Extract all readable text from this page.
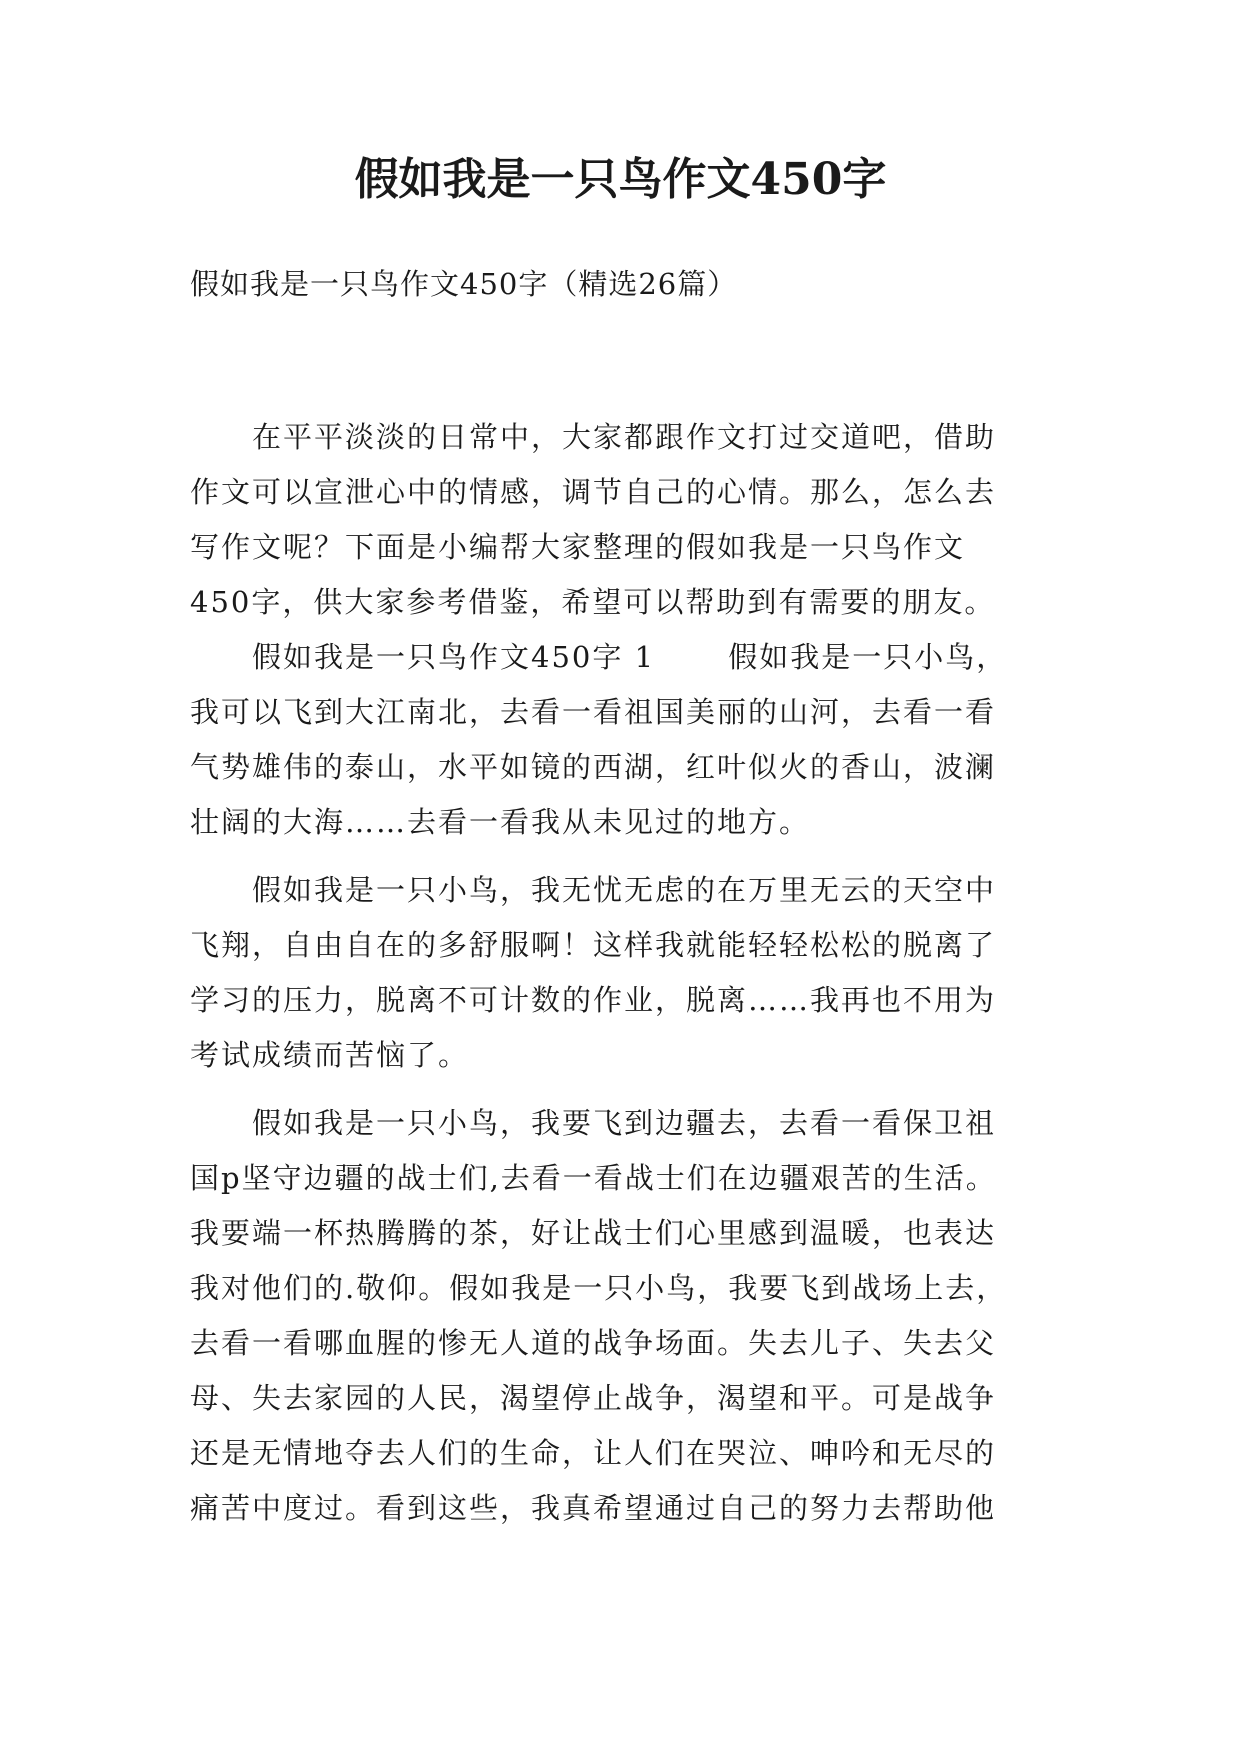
假如我是一只鸟作文450字

假如我是一只鸟作文450字（精选26篇）

　　在平平淡淡的日常中，大家都跟作文打过交道吧，借助

作文可以宣泄心中的情感，调节自己的心情。那么，怎么去

写作文呢？下面是小编帮大家整理的假如我是一只鸟作文

450字，供大家参考借鉴，希望可以帮助到有需要的朋友。

　　假如我是一只鸟作文450字 1　　 假如我是一只小鸟，

我可以飞到大江南北，去看一看祖国美丽的山河，去看一看

气势雄伟的泰山，水平如镜的西湖，红叶似火的香山，波澜

壮阔的大海……去看一看我从未见过的地方。

　　假如我是一只小鸟，我无忧无虑的在万里无云的天空中

飞翔，自由自在的多舒服啊！这样我就能轻轻松松的脱离了

学习的压力，脱离不可计数的作业，脱离……我再也不用为

考试成绩而苦恼了。

　　假如我是一只小鸟，我要飞到边疆去，去看一看保卫祖

国p坚守边疆的战士们,去看一看战士们在边疆艰苦的生活。

我要端一杯热腾腾的茶，好让战士们心里感到温暖，也表达

我对他们的.敬仰。假如我是一只小鸟，我要飞到战场上去，

去看一看哪血腥的惨无人道的战争场面。失去儿子、失去父

母、失去家园的人民，渴望停止战争，渴望和平。可是战争

还是无情地夺去人们的生命，让人们在哭泣、呻吟和无尽的

痛苦中度过。看到这些，我真希望通过自己的努力去帮助他
